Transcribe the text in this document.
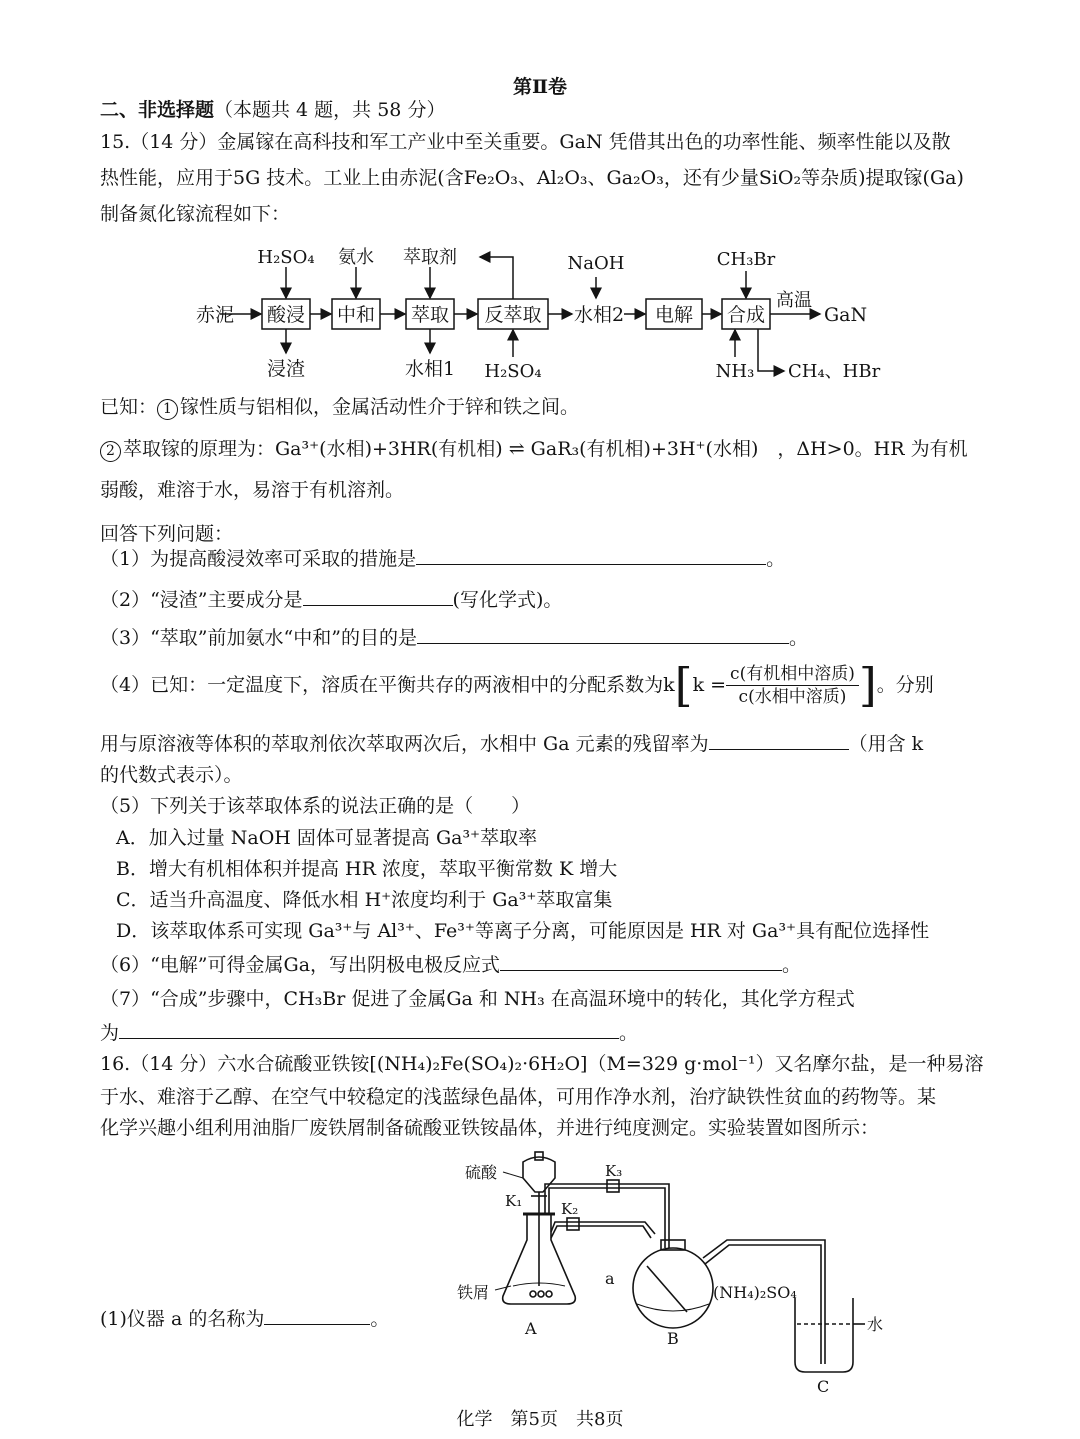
第Ⅱ卷
二、非选择题（本题共 4 题，共 58 分）
15.（14 分）金属镓在高科技和军工产业中至关重要。GaN 凭借其出色的功率性能、频率性能以及散
热性能，应用于5G 技术。工业上由赤泥(含Fe₂O₃、Al₂O₃、Ga₂O₃，还有少量SiO₂等杂质)提取镓(Ga)
制备氮化镓流程如下：
赤泥 酸浸 中和 萃取 反萃取	电解 合成
H₂SO₄ 氨水 萃取剂	NaOH	CH₃Br
浸渣	水相1 H₂SO₄
水相2
NH₃ CH₄、HBr
高温
GaN
已知： 1 镓性质与铝相似，金属活动性介于锌和铁之间。
2 萃取镓的原理为：Ga³⁺(水相)+3HR(有机相) ⇌ GaR₃(有机相)+3H⁺(水相)　，ΔH>0。HR 为有机
弱酸，难溶于水，易溶于有机溶剂。
回答下列问题：
（1）为提高酸浸效率可采取的措施是	。
（2）“浸渣”主要成分是	(写化学式)。
（3）“萃取”前加氨水“中和”的目的是	。
（4）已知：一定温度下，溶质在平衡共存的两液相中的分配系数为$k[k = \frac{\text{c(有机相中溶质)}}{\text{c(水相中溶质)}}$ ]。分别
用与原溶液等体积的萃取剂依次萃取两次后，水相中 Ga 元素的残留率为	（用含 k
的代数式表示）。
（5）下列关于该萃取体系的说法正确的是（　　）
A．加入过量 NaOH 固体可显著提高 Ga³⁺萃取率
B．增大有机相体积并提高 HR 浓度，萃取平衡常数 K 增大
C．适当升高温度、降低水相 H⁺浓度均利于 Ga³⁺萃取富集
D．该萃取体系可实现 Ga³⁺与 Al³⁺、Fe³⁺等离子分离，可能原因是 HR 对 Ga³⁺具有配位选择性
（6）“电解”可得金属Ga，写出阴极电极反应式	。
（7）“合成”步骤中，CH₃Br 促进了金属Ga 和 NH₃ 在高温环境中的转化，其化学方程式
为	。
16.（14 分）六水合硫酸亚铁铵[(NH₄)₂Fe(SO₄)₂·6H₂O]（M=329 g·mol⁻¹）又名摩尔盐，是一种易溶
于水、难溶于乙醇、在空气中较稳定的浅蓝绿色晶体，可用作净水剂，治疗缺铁性贫血的药物等。某
化学兴趣小组利用油脂厂废铁屑制备硫酸亚铁铵晶体，并进行纯度测定。实验装置如图所示：
硫酸
K₁	K₂
K₃
铁屑
a
(NH₄)₂SO₄
水
A
B
C
(1)仪器 a 的名称为	。
化学　第5页　共8页
